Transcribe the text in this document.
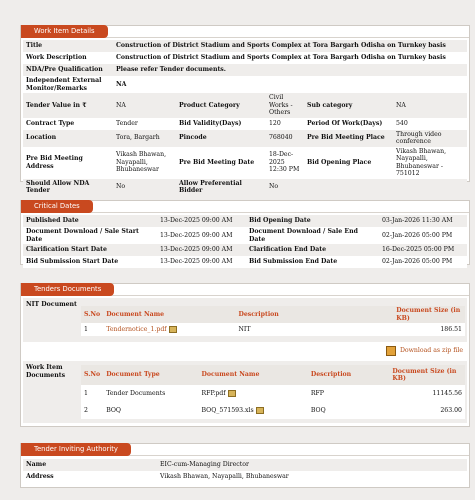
Work Item Details
Title	Construction of District Stadium and Sports Complex at Tora Bargarh Odisha on Turnkey basis				
Work Description	Construction of District Stadium and Sports Complex at Tora Bargarh Odisha on Turnkey basis				
NDA/Pre Qualification	Please refer Tender documents.				
Independent External Monitor/Remarks	NA				
Tender Value in ₹	NA	Product Category	Civil Works - Others	Sub category	NA
Contract Type	Tender	Bid Validity(Days)	120	Period Of Work(Days)	540
Location	Tora, Bargarh	Pincode	768040	Pre Bid Meeting Place	Through video conference
Pre Bid Meeting Address	Vikash Bhawan, Nayapalli, Bhubaneswar	Pre Bid Meeting Date	18-Dec-2025 12:30 PM	Bid Opening Place	Vikash Bhawan, Nayapalli, Bhubaneswar - 751012
Should Allow NDA Tender	No	Allow Preferential Bidder	No		
Critical Dates
Published Date	13-Dec-2025 09:00 AM	Bid Opening Date	03-Jan-2026 11:30 AM
Document Download / Sale Start Date	13-Dec-2025 09:00 AM	Document Download / Sale End Date	02-Jan-2026 05:00 PM
Clarification Start Date	13-Dec-2025 09:00 AM	Clarification End Date	16-Dec-2025 05:00 PM
Bid Submission Start Date	13-Dec-2025 09:00 AM	Bid Submission End Date	02-Jan-2026 05:00 PM
Tenders Documents
NIT Document
S.No	Document Name	Description	Document Size (in KB)
1	Tendernotice_1.pdf	NIT	186.51
Download as zip file
Work Item Documents	S.No	Document Type	Document Name	Description	Document Size (in KB)
1	Tender Documents	RFP.pdf	RFP	11145.56
2	BOQ	BOQ_571593.xls	BOQ	263.00
Tender Inviting Authority
Name	EIC-cum-Managing Director
Address	Vikash Bhawan, Nayapalli, Bhubaneswar
